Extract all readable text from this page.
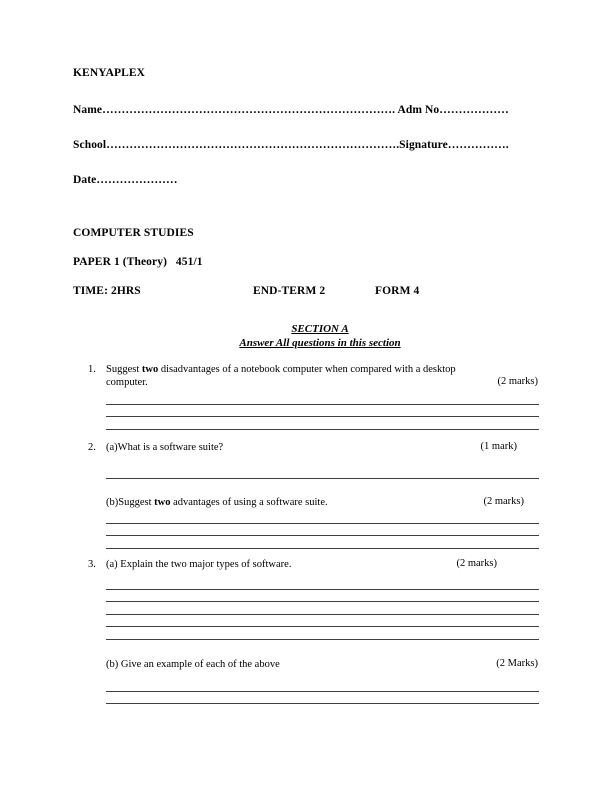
KENYAPLEX
Name…………………………………………………………………. Adm No………………
School………………………………………………………………….Signature…………….
Date…………………
COMPUTER STUDIES
PAPER 1 (Theory)   451/1
TIME: 2HRS	END-TERM 2	FORM 4
SECTION A
Answer All questions in this section
1. Suggest two disadvantages of a notebook computer when compared with a desktop computer.	(2 marks)
2. (a)What is a software suite?	(1 mark)
(b)Suggest two advantages of using a software suite.	(2 marks)
3. (a) Explain the two major types of software.	(2 marks)
(b) Give an example of each of the above	(2 Marks)
